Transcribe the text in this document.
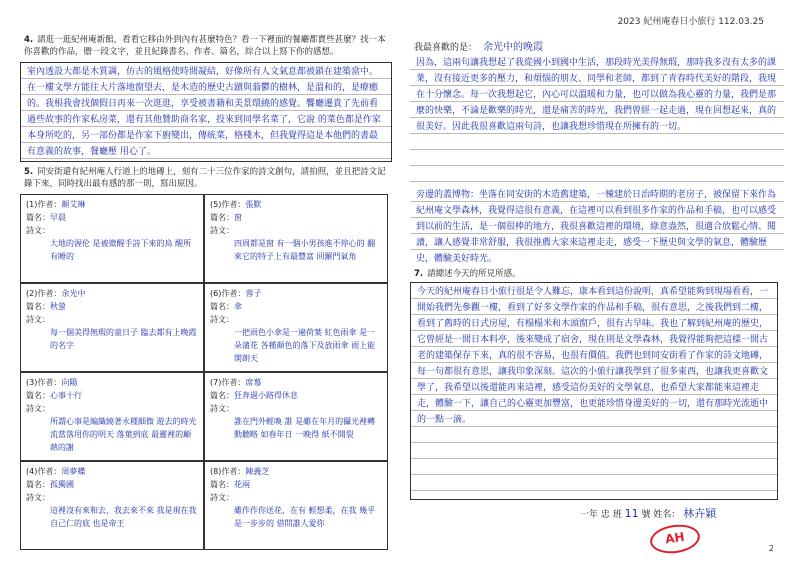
2023 紀州庵春日小旅行 112.03.25
4. 請逛一逛紀州庵新館，看看它移由外到內有甚麼特色？看一下裡面的餐廳都賣些甚麼？找一本你喜歡的作品，謄一段文字，並且紀錄書名、作者、篇名，綜合以上寫下你的感想。
室內透設大都是木質調，仿古的風格使時間凝結，好像所有人文氣息都被鎖在建築當中。在一樓文學方能往大片落地窗望去，是木造的歷史古蹟與蓊鬱的樹林，是溫和的，是療癒的。我根我會找個假日再來一次逛逛，享受被書籍和美景環繞的感覺。饗廳遷貴了先前看過些故事的作家私房菜，還有其他贊助商名家，投來到同學名菜了，它說 的菜色都是作家本身所吃的，另一部份都是作家下廚變出，傳統菜，格棧木，但我覺得這是本他們的書最有意義的故事，餐廳壓 用心了。
5. 同安街還有紀州庵人行道上的地磚上，刻有二十三位作家的詩文創句，請拍照，並且把詩文記錄下來，同時找出最有感的那一則，寫出原因。
(1)作者：顏艾琳
篇名：早晨
詩文：
大地的渥伦 是被微醒手詩下來的鳥 醒所有睡的
(5)作者：張默
篇名：窗
詩文：
四周都是窗 有一個小男孩進不停心的 翻來它的特子上有最豐富 回羅門氣角
(2)作者：余光中
篇名：秋螢
詩文：
每一個美得無瑕的童日子 臨去都有上晚霞的名字
(6)作者：蓉子
篇名：傘
詩文：
一把雨色小傘是一遍荷葉 紅色雨傘 是一朵蒲花 各種顏色的落下及放雨傘 雨上能開朗天
(3)作者：向陽
篇名：心事十行
詩文：
所謂心事是編織繞著永種細微 遊去的時光流當落用你的明天 落葉到底 最靈裡的顧熱的謝
(7)作者：席慕
篇名：狂奔過小路得休息
詩文：
誰在門外輕喚 誰 是雖在年月的攝光裡轉動聽略 如春年日 一晚得 紙不開裂
(4)作者：周夢蝶
篇名：孤獨國
詩文：
這裡沒有來和去，我去來不來 我是現在我自己仁的底 也是帝王
(8)作者：陳義芝
篇名：花兩
詩文：
雖作作你送花，在有 輕想柔，在我 幾乎是一步步的 借問誰人愛你
我最喜歡的是： 余光中的晚霞
因為，這兩句讓我想起了我從國小到國中生活，那段時光美得無瑕，那時我多沒有太多的課業，沒有接近更多的壓力，和煩惱的朋友、同學和老師，都到了青春時代美好的階段，我現在十分懷念。每一次我想起它，內心可以溫暖和力量，也可以做為我心靈的力量，我們是那麼的快樂，不論是歡樂的時光，還是痛苦的時光，我們曾經一起走過，現在回想起來，真的很美好。因此我很喜歡這兩句詩，也讓我想珍惜現在所擁有的一切。
旁邊的蓋博物：坐落在同安街的木造舊建築，一棟建於日治時期的老房子，被保留下來作為紀州庵文學森林，我覺得這很有意義，在這裡可以看到很多作家的作品和手稿，也可以感受到以前的生活，是一個很棒的地方，我很喜歡這裡的環境，綠意盎然，很適合放鬆心情、閱讀，讓人感覺非常舒服，我很推薦大家來這裡走走，感受一下歷史與文學的氣息，體驗歷史，體驗美好時光。
7. 請總述今天的所見所感。
今天的紀州庵春日小旅行很是令人難忘，康本看到這份說明，真希望能夠到現場看看，一開始我們先參觀一樓，看到了好多文學作家的作品和手稿，很有意思，之後我們到二樓，看到了舊時的日式房屋，有榻榻米和木頭窗戶，很有古早味。我也了解到紀州庵的歷史，它曾經是一間日本料亭，後來變成了宿舍，現在則是文學森林，我覺得能夠把這樣一間古老的建築保存下來，真的很不容易，也很有價值。我們也到同安街看了作家的詩文地磚，每一句都很有意思，讓我印象深刻。這次的小旅行讓我學到了很多東西，也讓我更喜歡文學了，我希望以後還能再來這裡，感受這份美好的文學氣息，也希望大家都能來這裡走走，體驗一下，讓自己的心靈更加豐富，也更能珍惜身邊美好的一切，還有那時光流逝中的一點一滴。
一年 忠 班 11 號 姓名： 林卉穎
AH
2
